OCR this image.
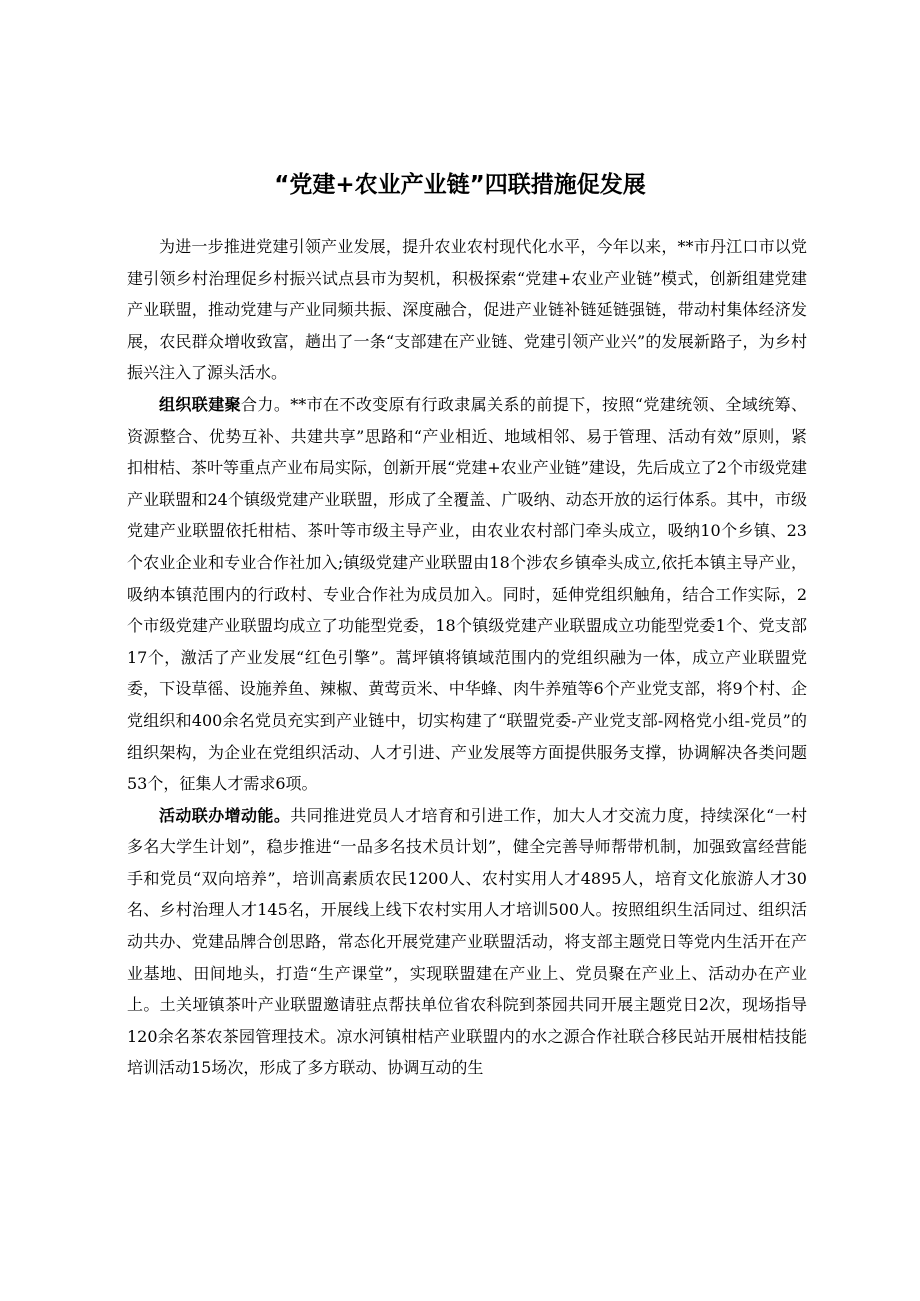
“党建+农业产业链”四联措施促发展

为进一步推进党建引领产业发展，提升农业农村现代化水平，今年以来，**市丹江口市以党建引领乡村治理促乡村振兴试点县市为契机，积极探索“党建+农业产业链”模式，创新组建党建产业联盟，推动党建与产业同频共振、深度融合，促进产业链补链延链强链，带动村集体经济发展，农民群众增收致富，趟出了一条“支部建在产业链、党建引领产业兴”的发展新路子，为乡村振兴注入了源头活水。

组织联建聚合力。**市在不改变原有行政隶属关系的前提下，按照“党建统领、全域统筹、资源整合、优势互补、共建共享”思路和“产业相近、地域相邻、易于管理、活动有效”原则，紧扣柑桔、茶叶等重点产业布局实际，创新开展“党建+农业产业链”建设，先后成立了2个市级党建产业联盟和24个镇级党建产业联盟，形成了全覆盖、广吸纳、动态开放的运行体系。其中，市级党建产业联盟依托柑桔、茶叶等市级主导产业，由农业农村部门牵头成立，吸纳10个乡镇、23个农业企业和专业合作社加入;镇级党建产业联盟由18个涉农乡镇牵头成立,依托本镇主导产业，吸纳本镇范围内的行政村、专业合作社为成员加入。同时，延伸党组织触角，结合工作实际，2个市级党建产业联盟均成立了功能型党委，18个镇级党建产业联盟成立功能型党委1个、党支部17个，激活了产业发展“红色引擎”。蒿坪镇将镇域范围内的党组织融为一体，成立产业联盟党委，下设草徭、设施养鱼、辣椒、黄莺贡米、中华蜂、肉牛养殖等6个产业党支部，将9个村、企党组织和400余名党员充实到产业链中，切实构建了“联盟党委-产业党支部-网格党小组-党员”的组织架构，为企业在党组织活动、人才引进、产业发展等方面提供服务支撑，协调解决各类问题53个，征集人才需求6项。

活动联办增动能。共同推进党员人才培育和引进工作，加大人才交流力度，持续深化“一村多名大学生计划”，稳步推进“一品多名技术员计划”，健全完善导师帮带机制，加强致富经营能手和党员“双向培养”，培训高素质农民1200人、农村实用人才4895人，培育文化旅游人才30名、乡村治理人才145名，开展线上线下农村实用人才培训500人。按照组织生活同过、组织活动共办、党建品牌合创思路，常态化开展党建产业联盟活动，将支部主题党日等党内生活开在产业基地、田间地头，打造“生产课堂”，实现联盟建在产业上、党员聚在产业上、活动办在产业上。土关垭镇茶叶产业联盟邀请驻点帮扶单位省农科院到茶园共同开展主题党日2次，现场指导120余名茶农茶园管理技术。凉水河镇柑桔产业联盟内的水之源合作社联合移民站开展柑桔技能培训活动15场次，形成了多方联动、协调互动的生
